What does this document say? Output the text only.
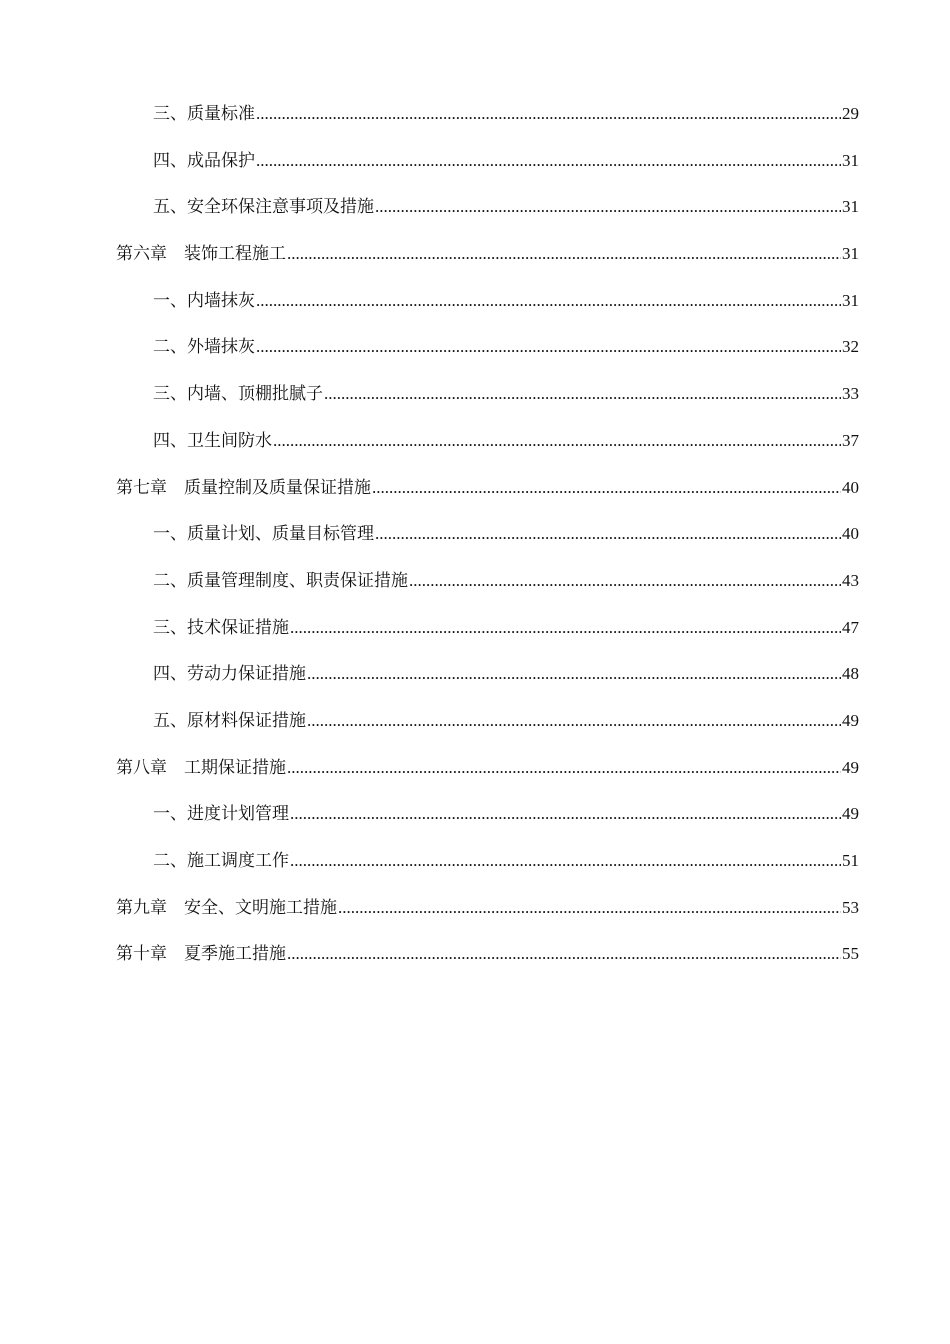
三、质量标准 .....	29
四、成品保护 .....	31
五、安全环保注意事项及措施 .....	31
第六章　装饰工程施工 .....	31
一、内墙抹灰 .....	31
二、外墙抹灰 .....	32
三、内墙、顶棚批腻子 .....	33
四、卫生间防水 .....	37
第七章　质量控制及质量保证措施 .....	40
一、质量计划、质量目标管理 .....	40
二、质量管理制度、职责保证措施 .....	43
三、技术保证措施 .....	47
四、劳动力保证措施 .....	48
五、原材料保证措施 .....	49
第八章　工期保证措施 .....	49
一、进度计划管理 .....	49
二、施工调度工作 .....	51
第九章　安全、文明施工措施 .....	53
第十章　夏季施工措施 .....	55
